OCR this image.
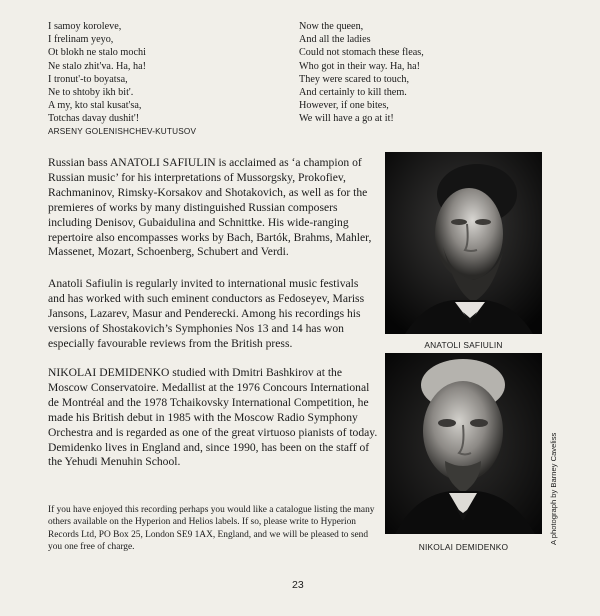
I samoy koroleve,
I frelinam yeyo,
Ot blokh ne stalo mochi
Ne stalo zhit'va. Ha, ha!
I tronut'-to boyatsa,
Ne to shtoby ikh bit'.
A my, kto stal kusat'sa,
Totchas davay dushit'!
Now the queen,
And all the ladies
Could not stomach these fleas,
Who got in their way. Ha, ha!
They were scared to touch,
And certainly to kill them.
However, if one bites,
We will have a go at it!
ARSENY GOLENISHCHEV-KUTUSOV

Russian bass ANATOLI SAFIULIN is acclaimed as ‘a champion of Russian music’ for his interpretations of Mussorgsky, Prokofiev, Rachmaninov, Rimsky-Korsakov and Shotakovich, as well as for the premieres of works by many distinguished Russian composers including Denisov, Gubaidulina and Schnittke. His wide-ranging repertoire also encompasses works by Bach, Bartók, Brahms, Mahler, Massenet, Mozart, Schoenberg, Schubert and Verdi.

Anatoli Safiulin is regularly invited to international music festivals and has worked with such eminent conductors as Fedoseyev, Mariss Jansons, Lazarev, Masur and Penderecki. Among his recordings his versions of Shostakovich’s Symphonies Nos 13 and 14 has won especially favourable reviews from the British press.

NIKOLAI DEMIDENKO studied with Dmitri Bashkirov at the Moscow Conservatoire. Medallist at the 1976 Concours International de Montréal and the 1978 Tchaikovsky International Competition, he made his British debut in 1985 with the Moscow Radio Symphony Orchestra and is regarded as one of the great virtuoso pianists of today. Demidenko lives in England and, since 1990, has been on the staff of the Yehudi Menuhin School.

If you have enjoyed this recording perhaps you would like a catalogue listing the many others available on the Hyperion and Helios labels. If so, please write to Hyperion Records Ltd, PO Box 25, London SE9 1AX, England, and we will be pleased to send you one free of charge.

ANATOLI SAFIULIN
NIKOLAI DEMIDENKO
A photograph by Barney Caveliss
23
